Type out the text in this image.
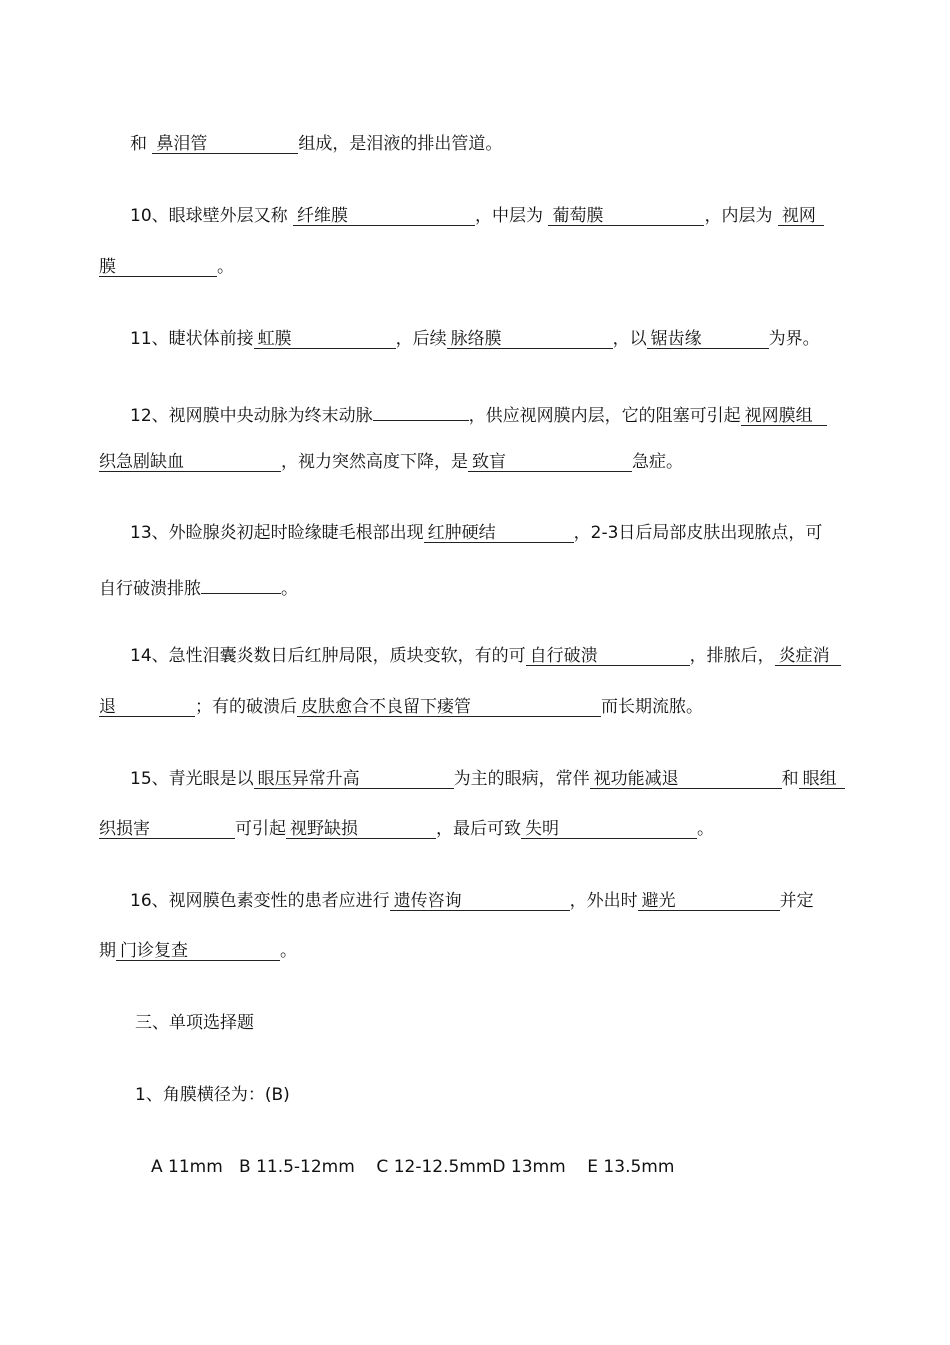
和 鼻泪管	组成，是泪液的排出管道。
10、眼球壁外层又称 纤维膜	，中层为 葡萄膜	，内层为 视网
膜	。
11、睫状体前接 虹膜	，后续 脉络膜	，以 锯齿缘	为界。
12、视网膜中央动脉为终末动脉	，供应视网膜内层，它的阻塞可引起 视网膜组
织急剧缺血	，视力突然高度下降，是 致盲	急症。
13、外睑腺炎初起时睑缘睫毛根部出现 红肿硬结	，2-3日后局部皮肤出现脓点，可
自行破溃排脓	。
14、急性泪囊炎数日后红肿局限，质块变软，有的可 自行破溃	，排脓后， 炎症消
退	；有的破溃后 皮肤愈合不良留下瘘管	而长期流脓。
15、青光眼是以 眼压异常升高	为主的眼病，常伴 视功能减退	和 眼组
织损害	可引起 视野缺损	，最后可致 失明	。
16、视网膜色素变性的患者应进行 遗传咨询	，外出时 避光	并定
期 门诊复查	。
三、单项选择题
1、角膜横径为：(B)
A 11mm   B 11.5-12mm    C 12-12.5mmD 13mm    E 13.5mm
